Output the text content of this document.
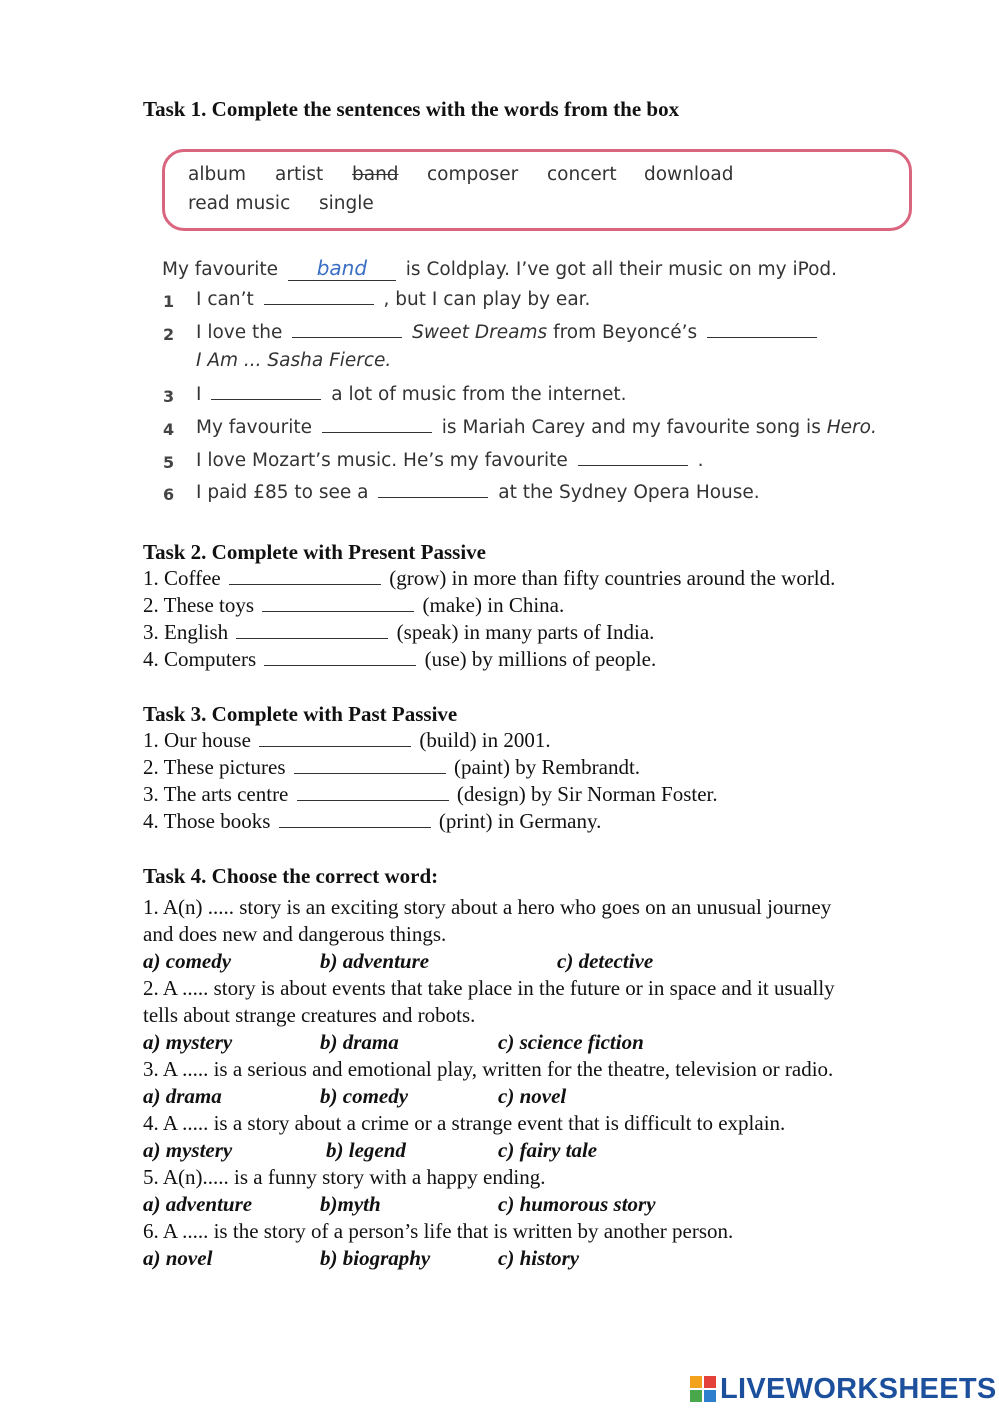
Task 1. Complete the sentences with the words from the box
album artist band composer concert download
read music single
My favourite band is Coldplay. I’ve got all their music on my iPod.
1 I can’t	, but I can play by ear.
2 I love the	Sweet Dreams from Beyoncé’s
I Am ... Sasha Fierce.
3 I	a lot of music from the internet.
4 My favourite	is Mariah Carey and my favourite song is Hero.
5 I love Mozart’s music. He’s my favourite	.
6 I paid £85 to see a	at the Sydney Opera House.
Task 2. Complete with Present Passive
1. Coffee	(grow) in more than fifty countries around the world.
2. These toys	(make) in China.
3. English	(speak) in many parts of India.
4. Computers	(use) by millions of people.
Task 3. Complete with Past Passive
1. Our house	(build) in 2001.
2. These pictures	(paint) by Rembrandt.
3. The arts centre	(design) by Sir Norman Foster.
4. Those books	(print) in Germany.
Task 4. Choose the correct word:
1. A(n) ..... story is an exciting story about a hero who goes on an unusual journey
and does new and dangerous things.
a) comedy	b) adventure	c) detective
2. A ..... story is about events that take place in the future or in space and it usually
tells about strange creatures and robots.
a) mystery	b) drama	c) science fiction
3. A ..... is a serious and emotional play, written for the theatre, television or radio.
a) drama	b) comedy	c) novel
4. A ..... is a story about a crime or a strange event that is difficult to explain.
a) mystery	b) legend	c) fairy tale
5. A(n)..... is a funny story with a happy ending.
a) adventure	b)myth	c) humorous story
6. A ..... is the story of a person’s life that is written by another person.
a) novel	b) biography	c) history
LIVEWORKSHEETS
